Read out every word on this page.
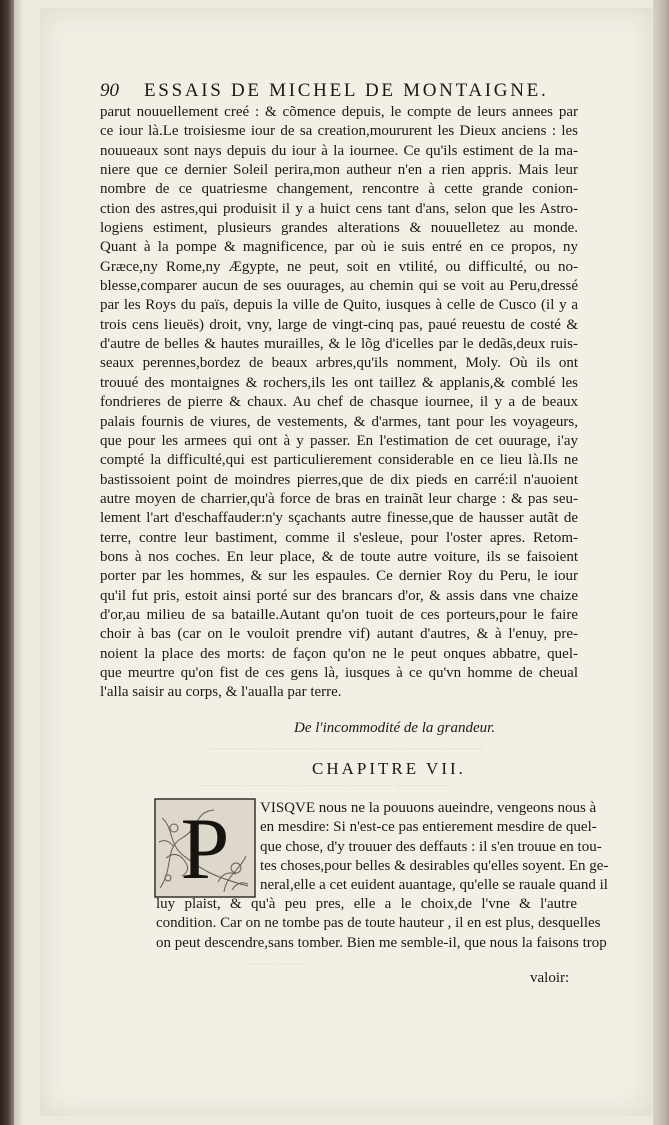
———— ———— —————— ——— ———
——— ———— ———— ——— ————
—— ——
90 ESSAIS DE MICHEL DE MONTAIGNE.
parut nouuellement creé : & cõmence depuis, le compte de leurs annees par
ce iour là.Le troisiesme iour de sa creation,moururent les Dieux anciens : les
nouueaux sont nays depuis du iour à la iournee. Ce qu'ils estiment de la ma-
niere que ce dernier Soleil perira,mon autheur n'en a rien appris. Mais leur
nombre de ce quatriesme changement, rencontre à cette grande conion-
ction des astres,qui produisit il y a huict cens tant d'ans, selon que les Astro-
logiens estiment, plusieurs grandes alterations & nouuelletez au monde.
Quant à la pompe & magnificence, par où ie suis entré en ce propos, ny
Græce,ny Rome,ny Ægypte, ne peut, soit en vtilité, ou difficulté, ou no-
blesse,comparer aucun de ses ouurages, au chemin qui se voit au Peru,dressé
par les Roys du païs, depuis la ville de Quito, iusques à celle de Cusco (il y a
trois cens lieuës) droit, vny, large de vingt-cinq pas, paué reuestu de costé &
d'autre de belles & hautes murailles, & le lõg d'icelles par le dedãs,deux ruis-
seaux perennes,bordez de beaux arbres,qu'ils nomment, Moly. Où ils ont
trouué des montaignes & rochers,ils les ont taillez & applanis,& comblé les
fondrieres de pierre & chaux. Au chef de chasque iournee, il y a de beaux
palais fournis de viures, de vestements, & d'armes, tant pour les voyageurs,
que pour les armees qui ont à y passer. En l'estimation de cet ouurage, i'ay
compté la difficulté,qui est particulierement considerable en ce lieu là.Ils ne
bastissoient point de moindres pierres,que de dix pieds en carré:il n'auoient
autre moyen de charrier,qu'à force de bras en trainãt leur charge : & pas seu-
lement l'art d'eschaffauder:n'y sçachants autre finesse,que de hausser autãt de
terre, contre leur bastiment, comme il s'esleue, pour l'oster apres. Retom-
bons à nos coches. En leur place, & de toute autre voiture, ils se faisoient
porter par les hommes, & sur les espaules. Ce dernier Roy du Peru, le iour
qu'il fut pris, estoit ainsi porté sur des brancars d'or, & assis dans vne chaize
d'or,au milieu de sa bataille.Autant qu'on tuoit de ces porteurs,pour le faire
choir à bas (car on le vouloit prendre vif) autant d'autres, & à l'enuy, pre-
noient la place des morts: de façon qu'on ne le peut onques abbatre, quel-
que meurtre qu'on fist de ces gens là, iusques à ce qu'vn homme de cheual
l'alla saisir au corps, & l'aualla par terre.
De l'incommodité de la grandeur.
CHAPITRE VII.
P VISQVE nous ne la pouuons aueindre, vengeons nous à
en mesdire: Si n'est-ce pas entierement mesdire de quel-
que chose, d'y trouuer des deffauts : il s'en trouue en tou-
tes choses,pour belles & desirables qu'elles soyent. En ge-
neral,elle a cet euident auantage, qu'elle se rauale quand il
luy plaist, & qu'à peu pres, elle a le choix,de l'vne & l'autre
condition. Car on ne tombe pas de toute hauteur , il en est plus, desquelles
on peut descendre,sans tomber. Bien me semble-il, que nous la faisons trop
valoir:
